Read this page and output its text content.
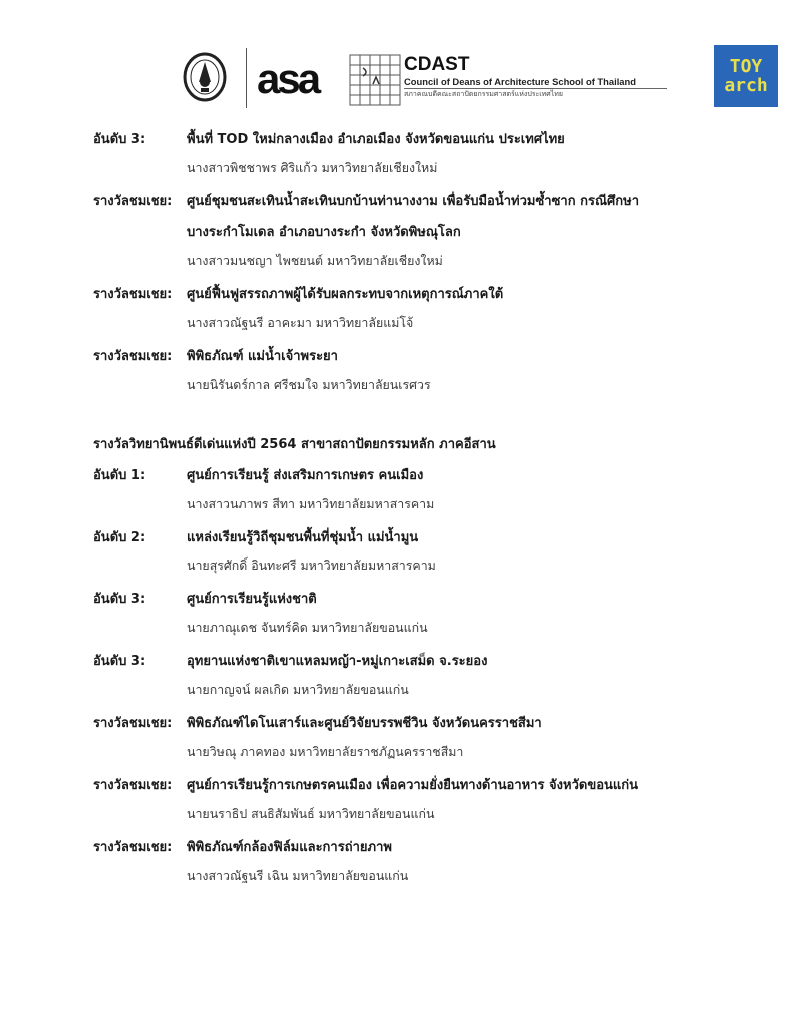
asa	CDAST
Council of Deans of Architecture School of Thailand
สภาคณบดีคณะสถาปัตยกรรมศาสตร์แห่งประเทศไทย
TOY
arch
อันดับ 3:	พื้นที่ TOD ใหม่กลางเมือง อำเภอเมือง จังหวัดขอนแก่น ประเทศไทย
นางสาวพิชชาพร ศิริแก้ว มหาวิทยาลัยเชียงใหม่
รางวัลชมเชย: ศูนย์ชุมชนสะเทินน้ำสะเทินบกบ้านท่านางงาม เพื่อรับมือน้ำท่วมซ้ำซาก กรณีศึกษา
บางระกำโมเดล อำเภอบางระกำ จังหวัดพิษณุโลก
นางสาวมนชญา ไพชยนต์ มหาวิทยาลัยเชียงใหม่
รางวัลชมเชย: ศูนย์ฟื้นฟูสรรถภาพผู้ได้รับผลกระทบจากเหตุการณ์ภาคใต้
นางสาวณัฐนรี อาคะมา มหาวิทยาลัยแม่โจ้
รางวัลชมเชย: พิพิธภัณฑ์ แม่น้ำเจ้าพระยา
นายนิรันดร์กาล ศรีชมใจ มหาวิทยาลัยนเรศวร
รางวัลวิทยานิพนธ์ดีเด่นแห่งปี 2564 สาขาสถาปัตยกรรมหลัก ภาคอีสาน
อันดับ 1:	ศูนย์การเรียนรู้ ส่งเสริมการเกษตร คนเมือง
นางสาวนภาพร สีทา มหาวิทยาลัยมหาสารคาม
อันดับ 2:	แหล่งเรียนรู้วิถีชุมชนพื้นที่ชุ่มน้ำ แม่น้ำมูน
นายสุรศักดิ์ อินทะศรี มหาวิทยาลัยมหาสารคาม
อันดับ 3:	ศูนย์การเรียนรู้แห่งชาติ
นายภาณุเดช จันทร์คิด มหาวิทยาลัยขอนแก่น
อันดับ 3:	อุทยานแห่งชาติเขาแหลมหญ้า-หมู่เกาะเสม็ด จ.ระยอง
นายกาญจน์ ผลเกิด มหาวิทยาลัยขอนแก่น
รางวัลชมเชย: พิพิธภัณฑ์ไดโนเสาร์และศูนย์วิจัยบรรพชีวิน จังหวัดนครราชสีมา
นายวิษณุ ภาคทอง มหาวิทยาลัยราชภัฏนครราชสีมา
รางวัลชมเชย: ศูนย์การเรียนรู้การเกษตรคนเมือง เพื่อความยั่งยืนทางด้านอาหาร จังหวัดขอนแก่น
นายนราธิป สนธิสัมพันธ์ มหาวิทยาลัยขอนแก่น
รางวัลชมเชย: พิพิธภัณฑ์กล้องฟิล์มและการถ่ายภาพ
นางสาวณัฐนรี เฉิน มหาวิทยาลัยขอนแก่น
